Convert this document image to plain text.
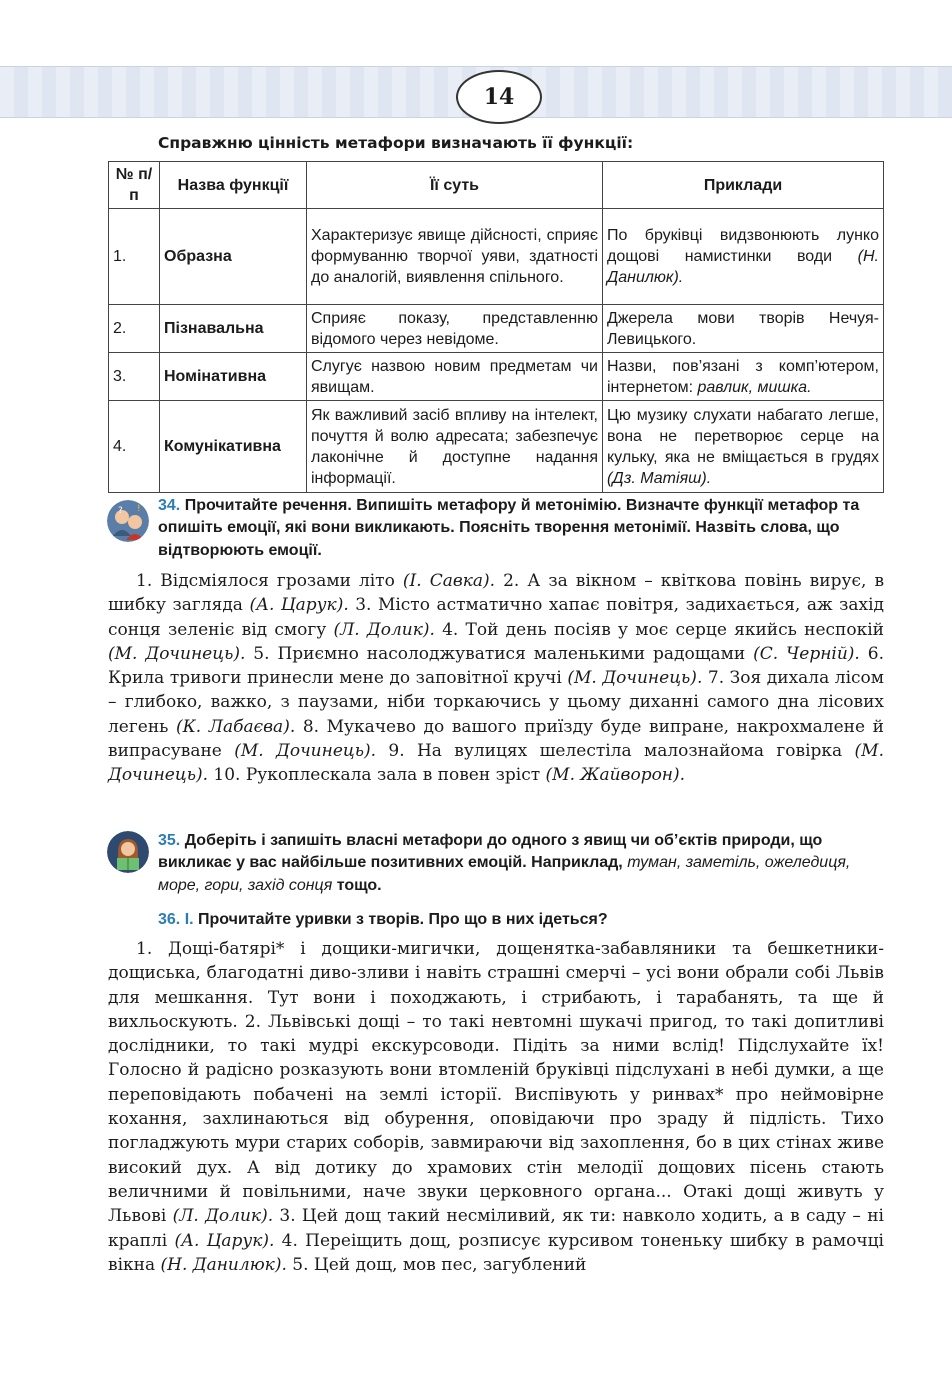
14
Справжню цінність метафори визначають її функції:
№ п/п	Назва функції	Її суть	Приклади
1.	Образна	Характеризує явище дійсності, сприяє формуванню творчої уяви, здатності до аналогій, виявлення спільного.	По бруківці видзвонюють лунко дощові намистинки води (Н. Данилюк).
2.	Пізнавальна	Сприяє показу, представленню відомого через невідоме.	Джерела мови творів Нечуя-Левицького.
3.	Номінативна	Слугує назвою новим предметам чи явищам.	Назви, пов’язані з комп’ютером, інтернетом: равлик, мишка.
4.	Комунікативна	Як важливий засіб впливу на інтелект, почуття й волю адресата; забезпечує лаконічне й доступне надання інформації.	Цю музику слухати набагато легше, вона не перетворює серце на кульку, яка не вміщається в грудях (Дз. Матіяш).
? ! 34. Прочитайте речення. Випишіть метафору й метонімію. Визначте функції метафор та опишіть емоції, які вони викликають. Поясніть творення метонімії. Назвіть слова, що відтворюють емоції.
1. Відсміялося грозами літо (І. Савка). 2. А за вікном – квіткова повінь вирує, в шибку загляда (А. Царук). 3. Місто астматично хапає повітря, задихається, аж захід сонця зеленіє від смогу (Л. Долик). 4. Той день посіяв у моє серце якийсь неспокій (М. Дочинець). 5. Приємно насолоджуватися маленькими радощами (С. Черній). 6. Крила тривоги принесли мене до заповітної кручі (М. Дочинець). 7. Зоя дихала лісом – глибоко, важко, з паузами, ніби торкаючись у цьому диханні самого дна лісових легень (К. Лабаєва). 8. Мукачево до вашого приїзду буде випране, накрохмалене й випрасуване (М. Дочинець). 9. На вулицях шелестіла малознайома говірка (М. Дочинець). 10. Рукоплескала зала в повен зріст (М. Жайворон).
35. Доберіть і запишіть власні метафори до одного з явищ чи об’єктів природи, що викликає у вас найбільше позитивних емоцій. Наприклад, туман, заметіль, ожеледиця, море, гори, захід сонця тощо.
36. І. Прочитайте уривки з творів. Про що в них ідеться?
1. Дощі-батярі* і дощики-мигички, дощенятка-забавляники та бешкетники-дощиська, благодатні диво-зливи і навіть страшні смерчі – усі вони обрали собі Львів для мешкання. Тут вони і походжають, і стрибають, і тарабанять, та ще й вихльоскують. 2. Львівські дощі – то такі невтомні шукачі пригод, то такі допитливі дослідники, то такі мудрі екскурсоводи. Підіть за ними вслід! Підслухайте їх! Голосно й радісно розказують вони втомленій бруківці підслухані в небі думки, а ще переповідають побачені на землі історії. Виспівують у ринвах* про неймовірне кохання, захлинаються від обурення, оповідаючи про зраду й підлість. Тихо погладжують мури старих соборів, завмираючи від захоплення, бо в цих стінах живе високий дух. А від дотику до храмових стін мелодії дощових пісень стають величними й повільними, наче звуки церковного органа... Отакі дощі живуть у Львові (Л. Долик). 3. Цей дощ такий несміливий, як ти: навколо ходить, а в саду – ні краплі (А. Царук). 4. Переіщить дощ, розписує курсивом тоненьку шибку в рамочці вікна (Н. Данилюк). 5. Цей дощ, мов пес, загублений
